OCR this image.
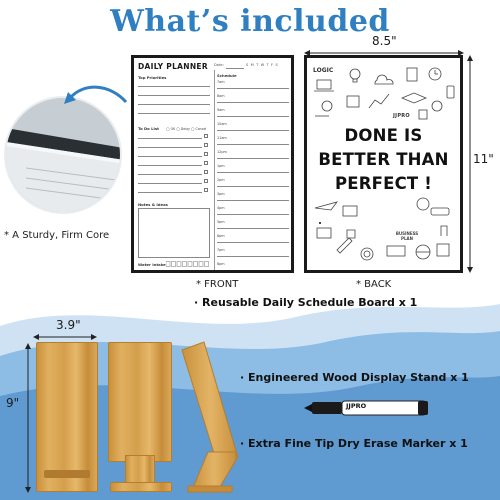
What’s included
* A Sturdy, Firm Core
8.5"
11"
DAILY PLANNER Date:	S M T W T F S
Top Priorities
To Do List ◯ OK ◯ Delay ◯ Cancel
Notes & Ideas
Water Intake
Schedule
7am
8am
9am
10am
11am
12pm
1pm
2pm
3pm
4pm
5pm
6pm
7pm
8pm
LOGIC
JJPRO
DONE IS
BETTER THAN
PERFECT !
BUSINESS PLAN
* FRONT	* BACK
· Reusable Daily Schedule Board x 1
3.9"
9"
· Engineered Wood Display Stand x 1
JJPRO
· Extra Fine Tip Dry Erase Marker x 1
